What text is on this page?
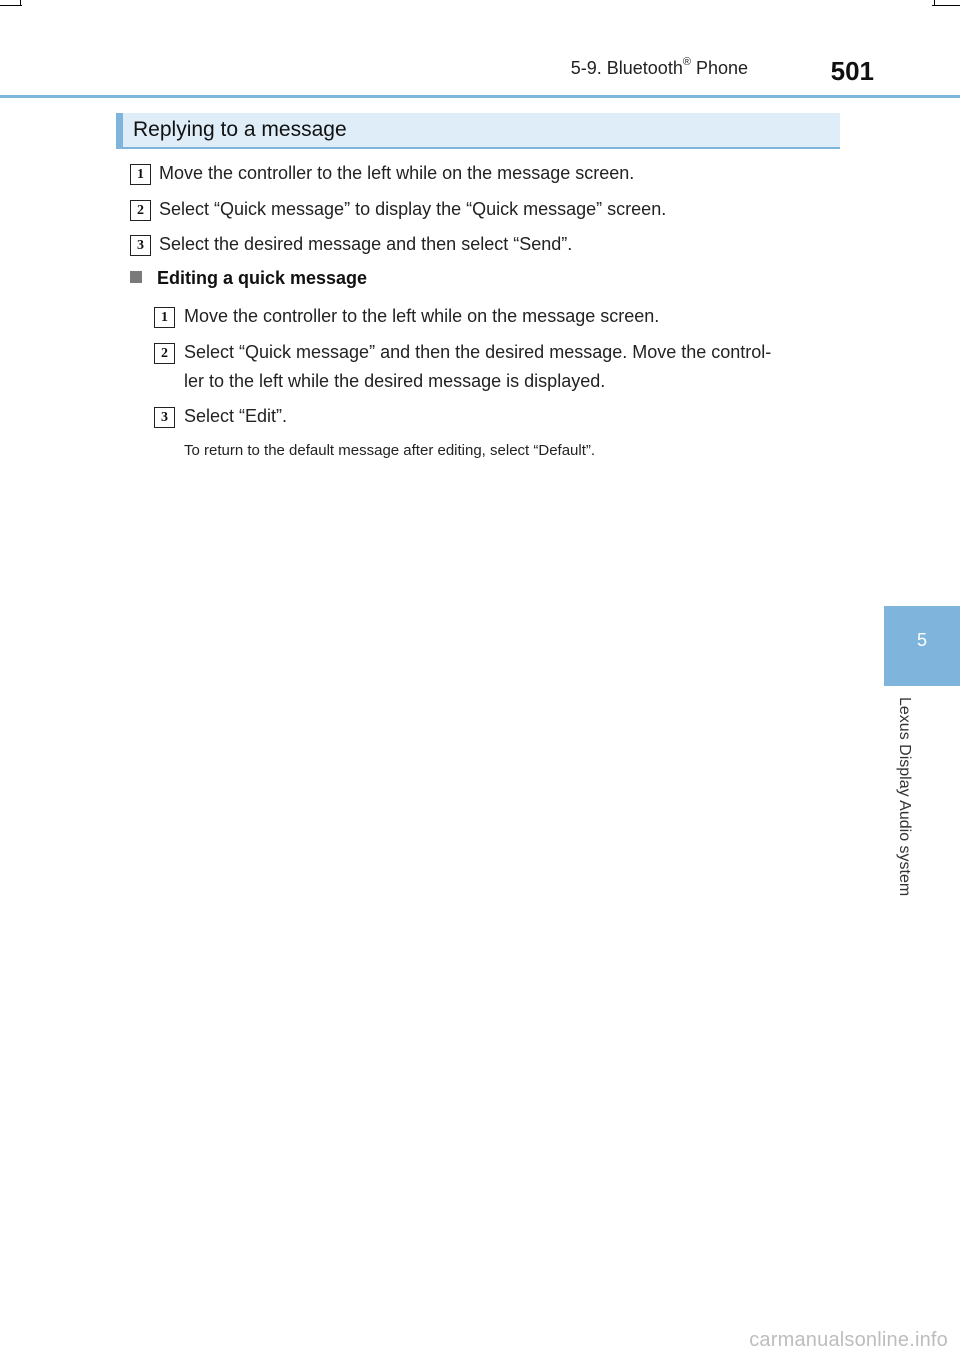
5-9. Bluetooth® Phone	501
Replying to a message
1 Move the controller to the left while on the message screen.
2 Select “Quick message” to display the “Quick message” screen.
3 Select the desired message and then select “Send”.
Editing a quick message
1 Move the controller to the left while on the message screen.
2 Select “Quick message” and then the desired message. Move the control-
ler to the left while the desired message is displayed.
3 Select “Edit”.
To return to the default message after editing, select “Default”.
5
Lexus Display Audio system
carmanualsonline.info
